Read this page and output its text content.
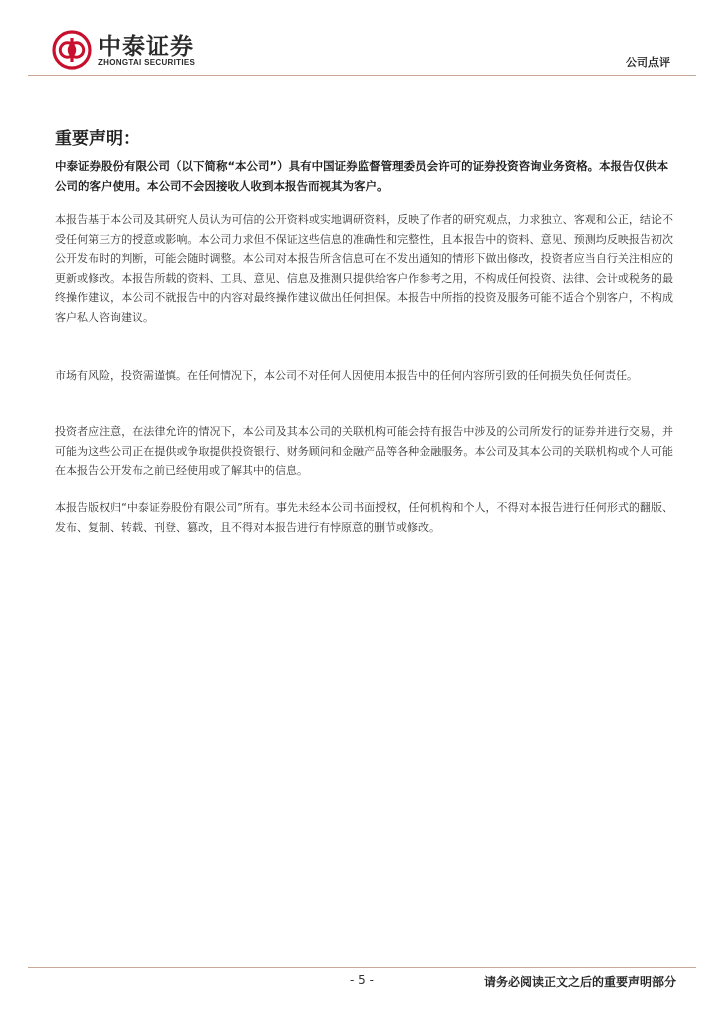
中泰证券
ZHONGTAI SECURITIES	公司点评
重要声明：

中泰证券股份有限公司（以下简称“本公司”）具有中国证券监督管理委员会许可的证券投资咨询业务资格。本报告仅供本公司的客户使用。本公司不会因接收人收到本报告而视其为客户。

本报告基于本公司及其研究人员认为可信的公开资料或实地调研资料，反映了作者的研究观点，力求独立、客观和公正，结论不受任何第三方的授意或影响。本公司力求但不保证这些信息的准确性和完整性，且本报告中的资料、意见、预测均反映报告初次公开发布时的判断，可能会随时调整。本公司对本报告所含信息可在不发出通知的情形下做出修改，投资者应当自行关注相应的更新或修改。本报告所载的资料、工具、意见、信息及推测只提供给客户作参考之用，不构成任何投资、法律、会计或税务的最终操作建议，本公司不就报告中的内容对最终操作建议做出任何担保。本报告中所指的投资及服务可能不适合个别客户，不构成客户私人咨询建议。

市场有风险，投资需谨慎。在任何情况下，本公司不对任何人因使用本报告中的任何内容所引致的任何损失负任何责任。

投资者应注意，在法律允许的情况下，本公司及其本公司的关联机构可能会持有报告中涉及的公司所发行的证券并进行交易，并可能为这些公司正在提供或争取提供投资银行、财务顾问和金融产品等各种金融服务。本公司及其本公司的关联机构或个人可能在本报告公开发布之前已经使用或了解其中的信息。

本报告版权归“中泰证券股份有限公司”所有。事先未经本公司书面授权，任何机构和个人，不得对本报告进行任何形式的翻版、发布、复制、转载、刊登、篡改，且不得对本报告进行有悖原意的删节或修改。

- 5 -	请务必阅读正文之后的重要声明部分
